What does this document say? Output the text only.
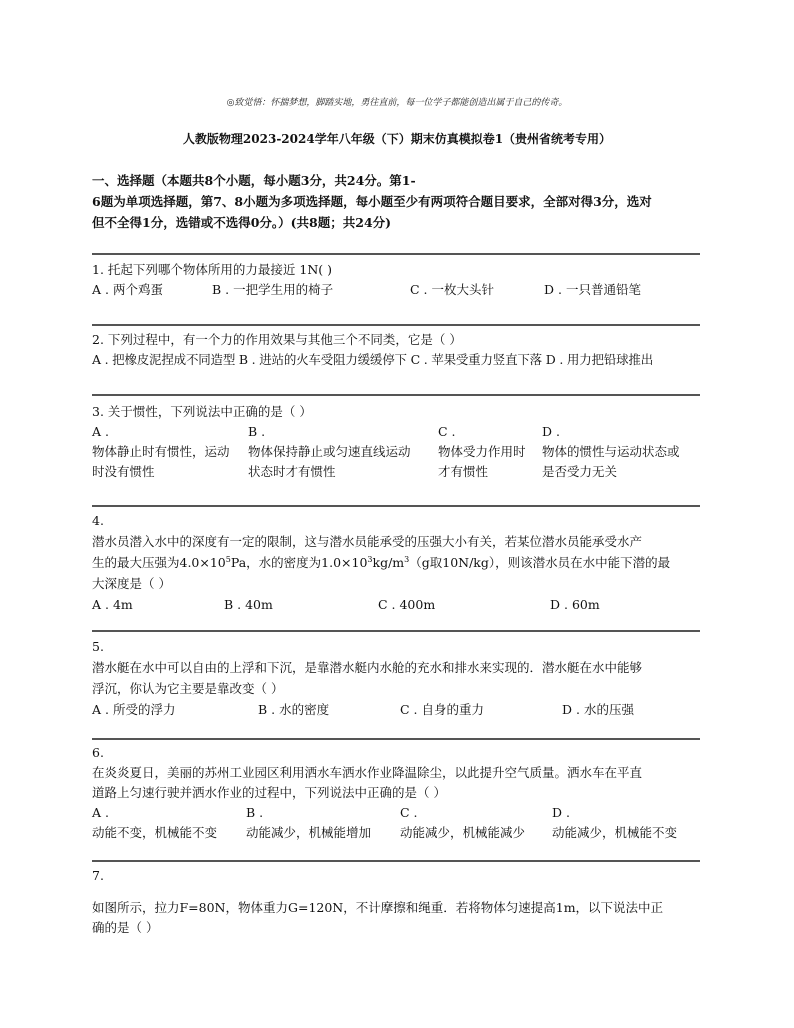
◎致觉悟：怀揣梦想，脚踏实地，勇往直前，每一位学子都能创造出属于自己的传奇。
人教版物理2023-2024学年八年级（下）期末仿真模拟卷1（贵州省统考专用）
一、选择题（本题共8个小题，每小题3分，共24分。第1-
6题为单项选择题，第7、8小题为多项选择题，每小题至少有两项符合题目要求，全部对得3分，选对
但不全得1分，选错或不选得0分。）(共8题；共24分)

1. 托起下列哪个物体所用的力最接近 1N( )

A . 两个鸡蛋	B . 一把学生用的椅子	C . 一枚大头针	D . 一只普通铅笔

2. 下列过程中，有一个力的作用效果与其他三个不同类，它是（ ）

A . 把橡皮泥捏成不同造型 B . 进站的火车受阻力缓缓停下 C . 苹果受重力竖直下落 D . 用力把铅球推出

3. 关于惯性，下列说法中正确的是（ ）

A .
物体静止时有惯性，运动
时没有惯性
B .
物体保持静止或匀速直线运动
状态时才有惯性
C .
物体受力作用时
才有惯性
D .
物体的惯性与运动状态或
是否受力无关

4.

潜水员潜入水中的深度有一定的限制，这与潜水员能承受的压强大小有关，若某位潜水员能承受水产

生的最大压强为$4.0\times 10^5Pa$，水的密度为$1.0\times 10^3kg/m^3(g$取10N/kg），则该潜水员在水中能下潜的最

大深度是（ ）

A . 4m	B . 40m	C . 400m	D . 60m

5.

潜水艇在水中可以自由的上浮和下沉，是靠潜水艇内水舱的充水和排水来实现的．潜水艇在水中能够

浮沉，你认为它主要是靠改变（ ）

A . 所受的浮力	B . 水的密度	C . 自身的重力	D . 水的压强

6.

在炎炎夏日，美丽的苏州工业园区利用洒水车洒水作业降温除尘，以此提升空气质量。洒水车在平直

道路上匀速行驶并洒水作业的过程中，下列说法中正确的是（ ）

A .
动能不变，机械能不变
B .
动能减少，机械能增加
C .
动能减少，机械能减少
D .
动能减少，机械能不变

7.

如图所示，拉力F=80N，物体重力G=120N，不计摩擦和绳重．若将物体匀速提高1m，以下说法中正

确的是（ ）
